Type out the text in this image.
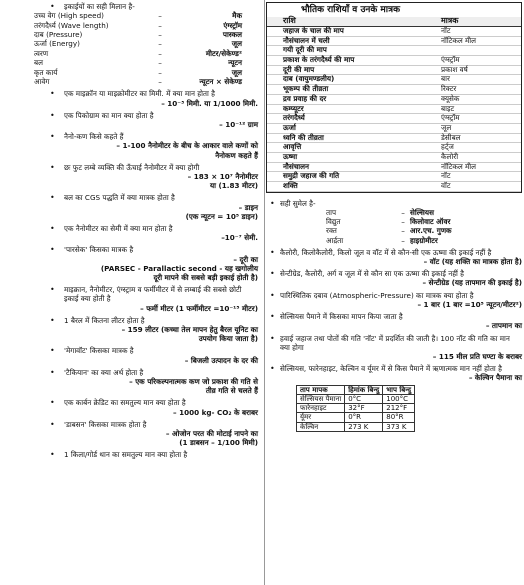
• इकाईयों का सही मिलान है-
उच्च वेग (High speed)	–	मैक
तरंगदैर्ध्य (Wave length)	–	एंग्स्ट्रॉम
दाब (Pressure)	–	पास्कल
ऊर्जा (Energy)	–	जूल
त्वरण	–	मीटर/सेकेण्ड²
बल	–	न्यूटन
कृत कार्य	–	जूल
आवेग	–	न्यूटन × सेकेण्ड
• एक माइक्रॉन या माइक्रोमीटर का मिमी. में क्या मान होता है
– 10⁻³ मिमी. या 1/1000 मिमी.
• एक पिकोग्राम का मान क्या होता है
– 10⁻¹² ग्राम
• नैनो-कण किसे कहते हैं
– 1-100 नैनोमीटर के बीच के आकार वाले कणों को
नैनोकण कहते हैं
• छः फुट लम्बे व्यक्ति की ऊँचाई नैनोमीटर में क्या होगी
– 183 × 10⁷ नैनोमीटर
या (1.83 मीटर)
• बल का CGS पद्धति में क्या मात्रक होता है
– डाइन
(एक न्यूटन = 10⁵ डाइन)
• एक नैनोमीटर का सेमी में क्या मान होता है
–10⁻⁷ सेमी.
• 'पारसेक' किसका मात्रक है
– दूरी का
(PARSEC - Parallactic second - यह खगोलीय
दूरी मापने की सबसे बड़ी इकाई होती है)
• माइक्रान, नैनोमीटर, एंग्स्ट्राम व फर्मीमीटर में से लम्बाई की सबसे छोटी इकाई क्या होती है
– फर्मी मीटर (1 फर्मीमीटर =10⁻¹⁵ मीटर)
• 1 बैरल में कितना लीटर होता है
– 159 लीटर (कच्चा तेल मापन हेतु बैरल यूनिट का
उपयोग किया जाता है)
• 'मेगावॉट' किसका मात्रक है
– बिजली उत्पादन के दर की
• 'टैकियान' का क्या अर्थ होता है
– एक परिकल्पनात्मक कण जो प्रकाश की गति से
तीव्र गति से चलते हैं
• एक कार्बन क्रेडिट का समतुल्य मान क्या होता है
– 1000 kg- CO₂ के बराबर
• 'डाबसन' किसका मात्रक होता है
– ओजोन परत की मोटाई नापने का
(1 डाबसन – 1/100 मिमी)
• 1 किला/गोर्ड थान का समतुल्य मान क्या होता है
भौतिक राशियाँ व उनके मात्रक
राशि	मात्रक
जहाज के चाल की माप	नॉट
नौसंचालन में चली	नॉटिकल मील
गयी दूरी की माप	
प्रकाश के तरंगदैर्ध्य की माप	एंग्स्ट्रॉम
दूरी की माप	प्रकाश वर्ष
दाब (वायुमण्डलीय)	बार
भूकम्प की तीव्रता	रिक्टर
द्रव प्रवाह की दर	क्यूसेक
कम्प्यूटर	बाइट
तरंगदैर्ध्य	एंग्स्ट्रॉम
ऊर्जा	जूल
ध्वनि की तीव्रता	डेसीबल
आवृत्ति	हर्ट्ज
ऊष्मा	कैलोरी
नौसंचालन	नॉटिकल मील
समुद्री जहाज की गति	नॉट
शक्ति	वॉट
• सही सुमेल है-
ताप	–	सेल्सियस
विद्युत	–	किलोवाट ऑवर
रक्त	–	आर.एच. गुणक
आर्द्रता	–	हाइग्रोमीटर
• कैलोरी, किलोकैलोरी, किलो जूल व वॉट में से कौन-सी एक ऊष्मा की इकाई नहीं है
– वॉट (यह शक्ति का मात्रक होता है)
• सेन्टीग्रेड, कैलोरी, अर्ग व जूल में से कौन सा एक ऊष्मा की इकाई नहीं है
– सेन्टीग्रेड (यह तापमान की इकाई है)
• पारिस्थितिक दबाव (Atmospheric-Pressure) का मात्रक क्या होता है
– 1 बार (1 बार =10⁵ न्यूटन/मीटर²)
• सेल्सियस पैमाने में किसका मापन किया जाता है
– तापमान का
• हवाई जहाज तथा पोतों की गति 'नॉट' में प्रदर्शित की जाती है। 100 नॉट की गति का मान क्या होगा
– 115 मील प्रति घण्टा के बराबर
• सेल्सियस, फारेनहाइट, केल्विन व र्यूमर में से किस पैमाने में ऋणात्मक मान नहीं होता है
– केल्विन पैमाना का
ताप मापक	हिमांक बिन्दु	भाप बिन्दु
सेल्सियस पैमाना	0°C	100°C
फारेनहाइट	32°F	212°F
र्यूमर	0°R	80°R
केल्विन	273 K	373 K
